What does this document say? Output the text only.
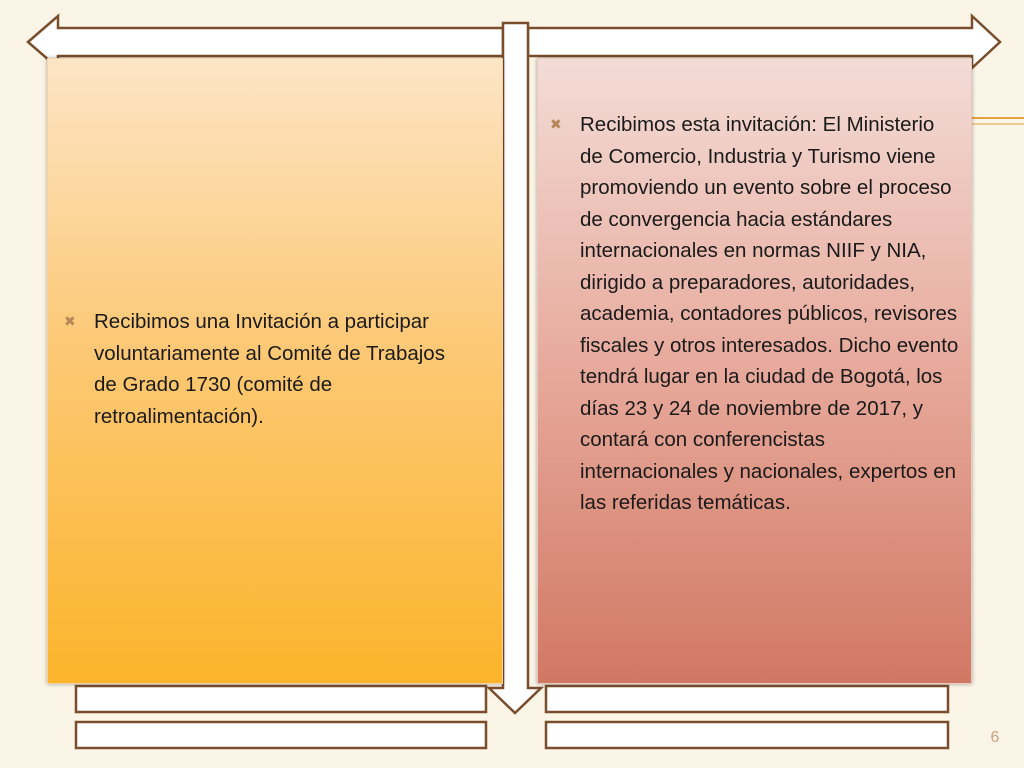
✖ Recibimos una Invitación a participar voluntariamente al Comité de Trabajos de Grado 1730 (comité de retroalimentación).
✖ Recibimos esta invitación: El Ministerio de Comercio, Industria y Turismo viene promoviendo un evento sobre el proceso de convergencia hacia estándares internacionales en normas NIIF y NIA, dirigido a preparadores, autoridades, academia, contadores públicos, revisores fiscales y otros interesados. Dicho evento tendrá lugar en la ciudad de Bogotá, los días 23 y 24 de noviembre de 2017, y contará con conferencistas internacionales y nacionales, expertos en las referidas temáticas.
6
